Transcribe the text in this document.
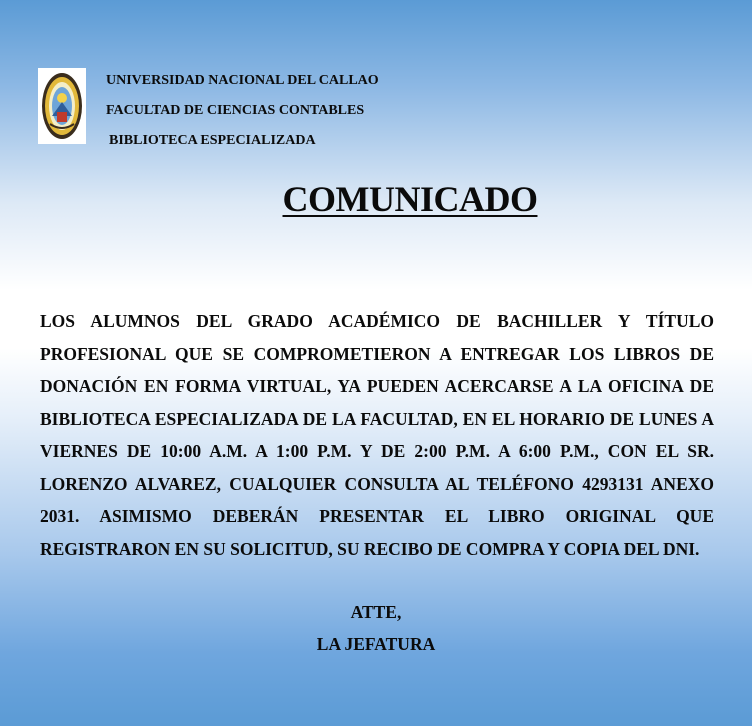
UNIVERSIDAD NACIONAL DEL CALLAO
FACULTAD DE CIENCIAS CONTABLES
BIBLIOTECA ESPECIALIZADA
COMUNICADO
LOS ALUMNOS DEL GRADO ACADÉMICO DE BACHILLER Y TÍTULO PROFESIONAL QUE SE COMPROMETIERON A ENTREGAR LOS LIBROS DE DONACIÓN EN FORMA VIRTUAL, YA PUEDEN ACERCARSE A LA OFICINA DE BIBLIOTECA ESPECIALIZADA DE LA FACULTAD, EN EL HORARIO DE LUNES A VIERNES DE 10:00 A.M. A 1:00 P.M. Y DE 2:00 P.M. A 6:00 P.M., CON EL SR. LORENZO ALVAREZ, CUALQUIER CONSULTA AL TELÉFONO 4293131 ANEXO 2031. ASIMISMO DEBERÁN PRESENTAR EL LIBRO ORIGINAL QUE REGISTRARON EN SU SOLICITUD, SU RECIBO DE COMPRA Y COPIA DEL DNI.
ATTE,
LA JEFATURA
